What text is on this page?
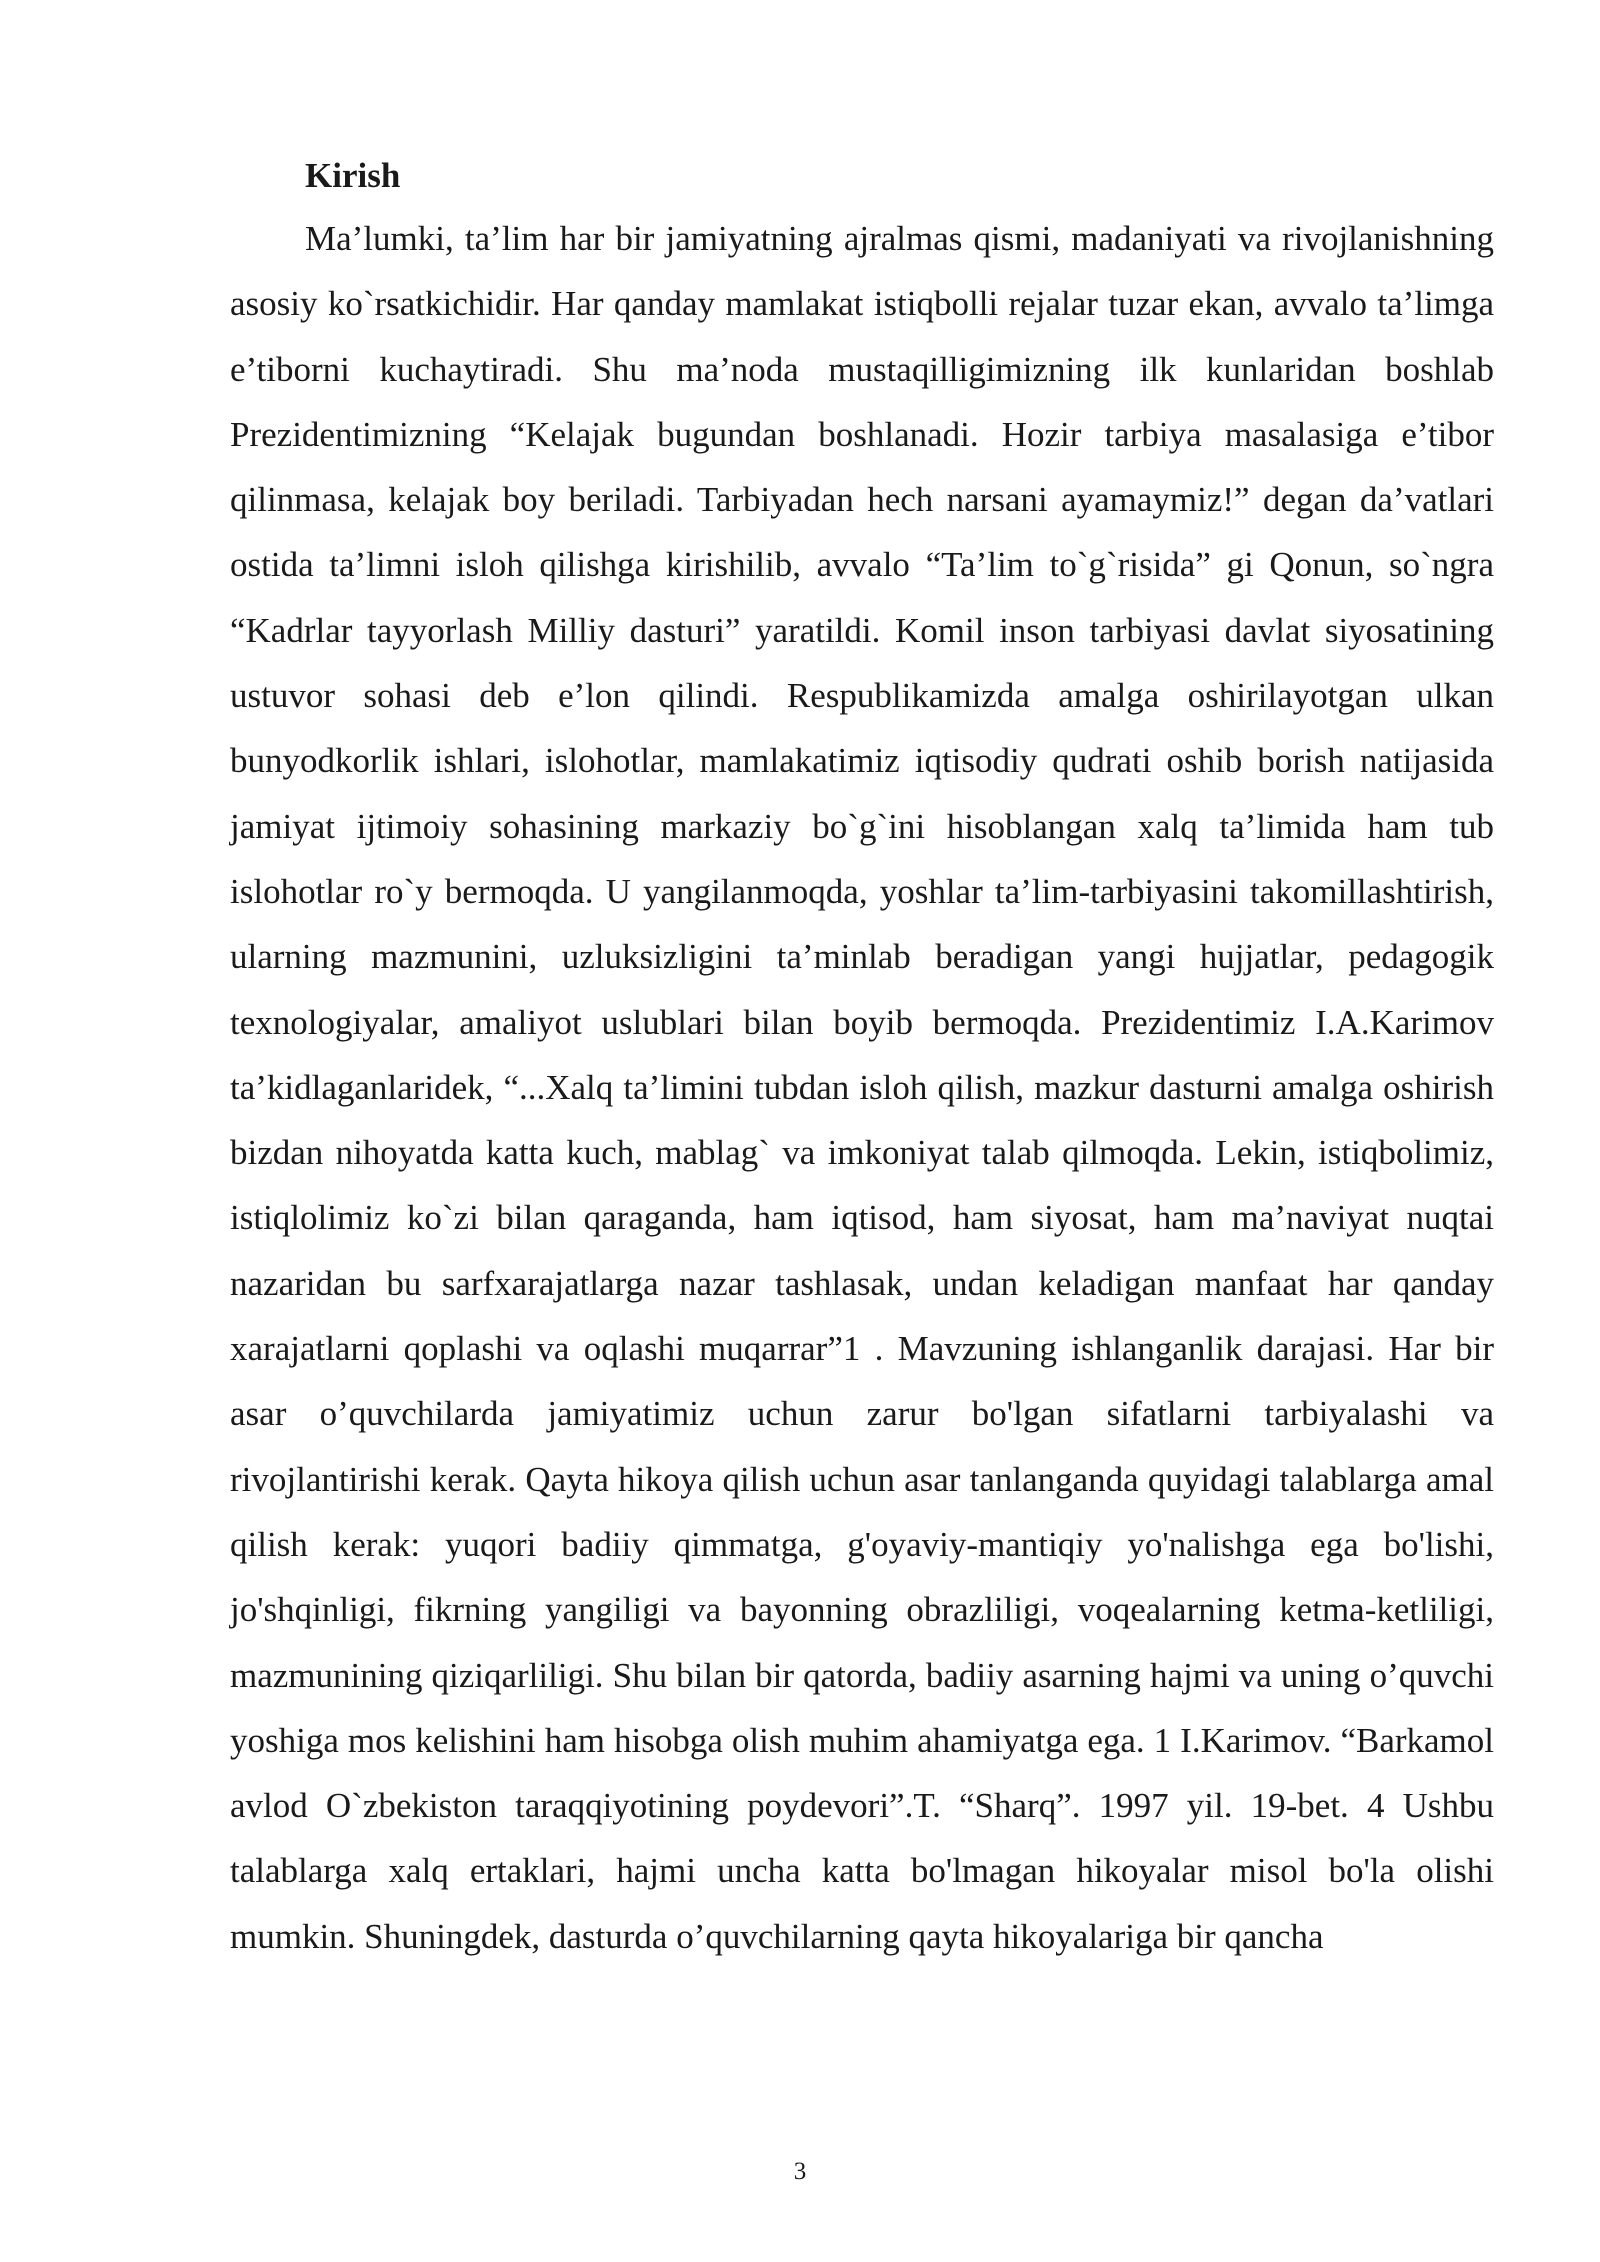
Kirish

Ma’lumki, ta’lim har bir jamiyatning ajralmas qismi, madaniyati va rivojlanishning asosiy ko`rsatkichidir. Har qanday mamlakat istiqbolli rejalar tuzar ekan, avvalo ta’limga e’tiborni kuchaytiradi. Shu ma’noda mustaqilligimizning ilk kunlaridan boshlab Prezidentimizning “Kelajak bugundan boshlanadi. Hozir tarbiya masalasiga e’tibor qilinmasa, kelajak boy beriladi. Tarbiyadan hech narsani ayamaymiz!” degan da’vatlari ostida ta’limni isloh qilishga kirishilib, avvalo “Ta’lim to`g`risida” gi Qonun, so`ngra “Kadrlar tayyorlash Milliy dasturi” yaratildi. Komil inson tarbiyasi davlat siyosatining ustuvor sohasi deb e’lon qilindi. Respublikamizda amalga oshirilayotgan ulkan bunyodkorlik ishlari, islohotlar, mamlakatimiz iqtisodiy qudrati oshib borish natijasida jamiyat ijtimoiy sohasining markaziy bo`g`ini hisoblangan xalq ta’limida ham tub islohotlar ro`y bermoqda. U yangilanmoqda, yoshlar ta’lim-tarbiyasini takomillashtirish, ularning mazmunini, uzluksizligini ta’minlab beradigan yangi hujjatlar, pedagogik texnologiyalar, amaliyot uslublari bilan boyib bermoqda. Prezidentimiz I.A.Karimov ta’kidlaganlaridek, “...Xalq ta’limini tubdan isloh qilish, mazkur dasturni amalga oshirish bizdan nihoyatda katta kuch, mablag` va imkoniyat talab qilmoqda. Lekin, istiqbolimiz, istiqlolimiz ko`zi bilan qaraganda, ham iqtisod, ham siyosat, ham ma’naviyat nuqtai nazaridan bu sarfxarajatlarga nazar tashlasak, undan keladigan manfaat har qanday xarajatlarni qoplashi va oqlashi muqarrar”1 . Mavzuning ishlanganlik darajasi. Har bir asar o’quvchilarda jamiyatimiz uchun zarur bo'lgan sifatlarni tarbiyalashi va rivojlantirishi kerak. Qayta hikoya qilish uchun asar tanlanganda quyidagi talablarga amal qilish kerak: yuqori badiiy qimmatga, g'oyaviy-mantiqiy yo'nalishga ega bo'lishi, jo'shqinligi, fikrning yangiligi va bayonning obrazliligi, voqealarning ketma-ketliligi, mazmunining qiziqarliligi. Shu bilan bir qatorda, badiiy asarning hajmi va uning o’quvchi yoshiga mos kelishini ham hisobga olish muhim ahamiyatga ega. 1 I.Karimov. “Barkamol avlod O`zbekiston taraqqiyotining poydevori”.T. “Sharq”. 1997 yil. 19-bet. 4 Ushbu talablarga xalq ertaklari, hajmi uncha katta bo'lmagan hikoyalar misol bo'la olishi mumkin. Shuningdek, dasturda o’quvchilarning qayta hikoyalariga bir qancha

3
